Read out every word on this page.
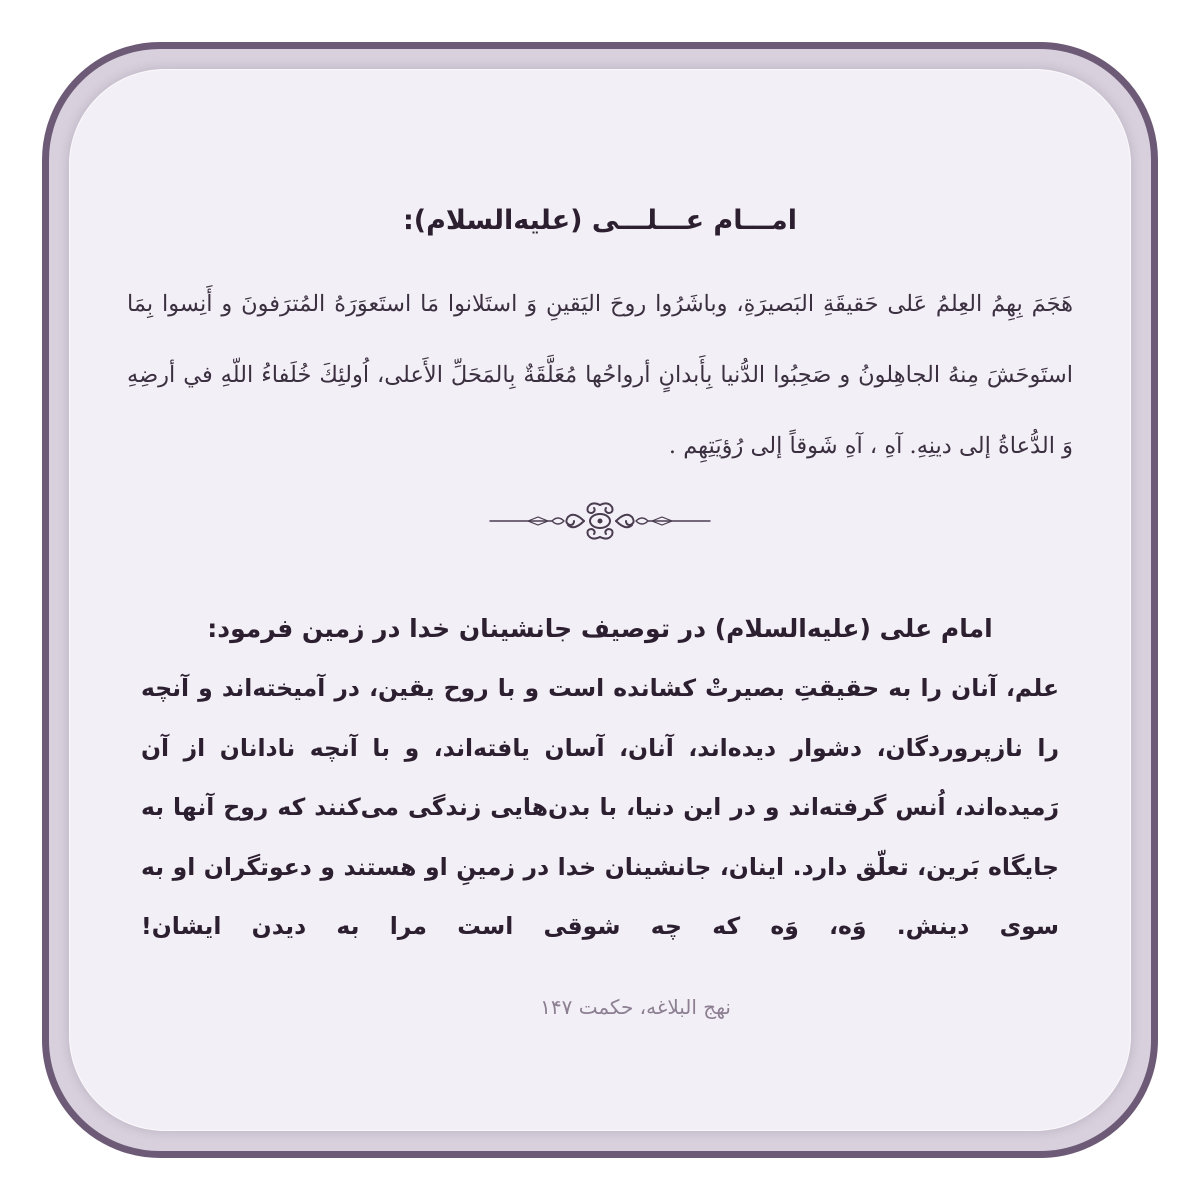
امـــام عـــلـــی (علیه‌السلام):
هَجَمَ بِهِمُ العِلمُ عَلى حَقيقَةِ البَصيرَةِ، وباشَرُوا روحَ اليَقينِ وَ استَلانوا مَا استَعوَرَهُ المُترَفونَ و أَنِسوا بِمَا استَوحَشَ مِنهُ الجاهِلونُ و صَحِبُوا الدُّنيا بِأَبدانٍ أرواحُها مُعَلَّقَةٌ بِالمَحَلِّ الأَعلى، اُولئِكَ خُلَفاءُ اللّهِ في أرضِهِ وَ الدُّعاةُ إلى دينِهِ. آهِ ، آهِ شَوقاً إلى رُؤيَتِهِم .
امام علی (علیه‌السلام) در توصیف جانشینان خدا در زمین فرمود:
علم، آنان را به حقیقتِ بصیرتْ کشانده است و با روح یقین، در آمیخته‌اند و آنچه را نازپروردگان، دشوار دیده‌اند، آنان، آسان یافته‌اند، و با آنچه نادانان از آن رَمیده‌اند، اُنس گرفته‌اند و در این دنیا، با بدن‌هایی زندگی می‌کنند که روح آنها به جایگاه بَرین، تعلّق دارد. اینان، جانشینان خدا در زمینِ او هستند و دعوتگران او به سوی دینش. وَه، وَه که چه شوقی است مرا به دیدن ایشان!
نهج البلاغه، حکمت ۱۴۷
